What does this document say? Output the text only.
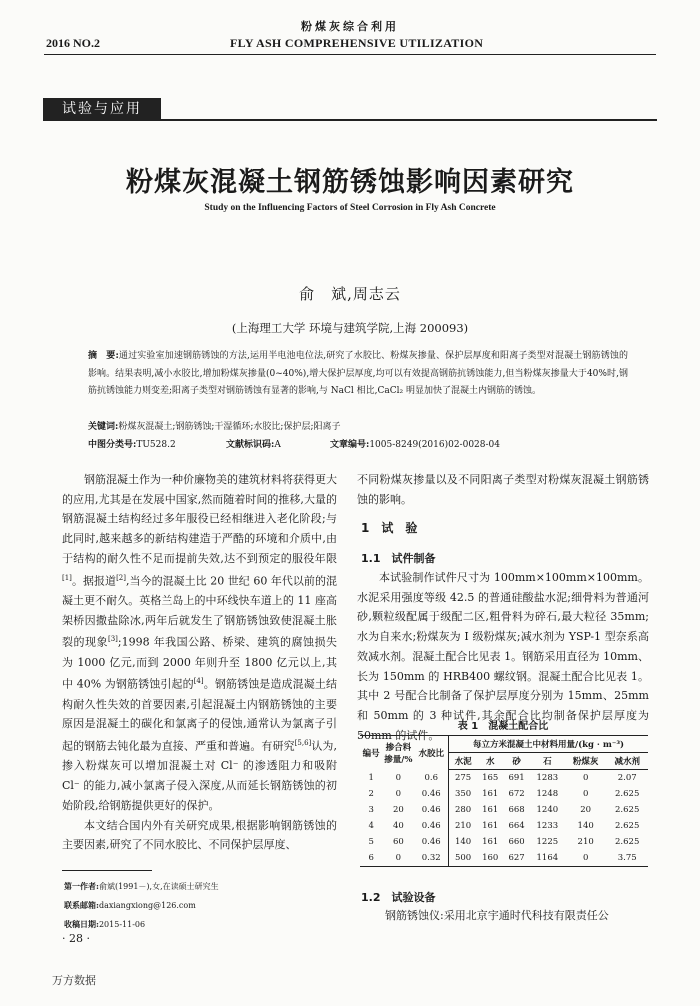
粉煤灰综合利用
2016 NO.2	FLY ASH COMPREHENSIVE UTILIZATION
试验与应用
粉煤灰混凝土钢筋锈蚀影响因素研究
Study on the Influencing Factors of Steel Corrosion in Fly Ash Concrete
俞　斌,周志云
(上海理工大学 环境与建筑学院,上海 200093)
摘　要:通过实验室加速钢筋锈蚀的方法,运用半电池电位法,研究了水胶比、粉煤灰掺量、保护层厚度和阳离子类型对混凝土钢筋锈蚀的影响。结果表明,减小水胶比,增加粉煤灰掺量(0~40%),增大保护层厚度,均可以有效提高钢筋抗锈蚀能力,但当粉煤灰掺量大于40%时,钢筋抗锈蚀能力则变差;阳离子类型对钢筋锈蚀有显著的影响,与 NaCl 相比,CaCl₂ 明显加快了混凝土内钢筋的锈蚀。
关键词:粉煤灰混凝土;钢筋锈蚀;干湿循环;水胶比;保护层;阳离子
中图分类号:TU528.2	文献标识码:A	文章编号:1005-8249(2016)02-0028-04

钢筋混凝土作为一种价廉物美的建筑材料将获得更大的应用,尤其是在发展中国家,然而随着时间的推移,大量的钢筋混凝土结构经过多年服役已经相继进入老化阶段;与此同时,越来越多的新结构建造于严酷的环境和介质中,由于结构的耐久性不足而提前失效,达不到预定的服役年限[1]。据报道[2],当今的混凝土比 20 世纪 60 年代以前的混凝土更不耐久。英格兰岛上的中环线快车道上的 11 座高架桥因撒盐除冰,两年后就发生了钢筋锈蚀致使混凝土胀裂的现象[3];1998 年我国公路、桥梁、建筑的腐蚀损失为 1000 亿元,而到 2000 年则升至 1800 亿元以上,其中 40% 为钢筋锈蚀引起的[4]。钢筋锈蚀是造成混凝土结构耐久性失效的首要因素,引起混凝土内钢筋锈蚀的主要原因是混凝土的碳化和氯离子的侵蚀,通常认为氯离子引起的钢筋去钝化最为直接、严重和普遍。有研究[5,6]认为,掺入粉煤灰可以增加混凝土对 Cl⁻ 的渗透阻力和吸附 Cl⁻ 的能力,减小氯离子侵入深度,从而延长钢筋锈蚀的初始阶段,给钢筋提供更好的保护。

本文结合国内外有关研究成果,根据影响钢筋锈蚀的主要因素,研究了不同水胶比、不同保护层厚度、

不同粉煤灰掺量以及不同阳离子类型对粉煤灰混凝土钢筋锈蚀的影响。

1　试　验
1.1　试件制备

本试验制作试件尺寸为 100mm×100mm×100mm。水泥采用强度等级 42.5 的普通硅酸盐水泥;细骨料为普通河砂,颗粒级配属于级配二区,粗骨料为碎石,最大粒径 35mm;水为自来水;粉煤灰为 Ⅰ 级粉煤灰;减水剂为 YSP-1 型奈系高效减水剂。混凝土配合比见表 1。钢筋采用直径为 10mm、长为 150mm 的 HRB400 螺纹钢。混凝土配合比见表 1。其中 2 号配合比制备了保护层厚度分别为 15mm、25mm 和 50mm 的 3 种试件,其余配合比均制备保护层厚度为 50mm 的试件。

表 1　混凝土配合比
编号	掺合料掺量/%	水胶比	每立方米混凝土中材料用量/(kg · m⁻³)					
			水泥	水	砂	石	粉煤灰	减水剂
1	0	0.6	275	165	691	1283	0	2.07
2	0	0.46	350	161	672	1248	0	2.625
3	20	0.46	280	161	668	1240	20	2.625
4	40	0.46	210	161	664	1233	140	2.625
5	60	0.46	140	161	660	1225	210	2.625
6	0	0.32	500	160	627	1164	0	3.75
1.2　试验设备
钢筋锈蚀仪:采用北京宇通时代科技有限责任公
第一作者:俞斌(1991－),女,在读硕士研究生
联系邮箱:daxiangxiong@126.com
收稿日期:2015-11-06
· 28 ·
万方数据
